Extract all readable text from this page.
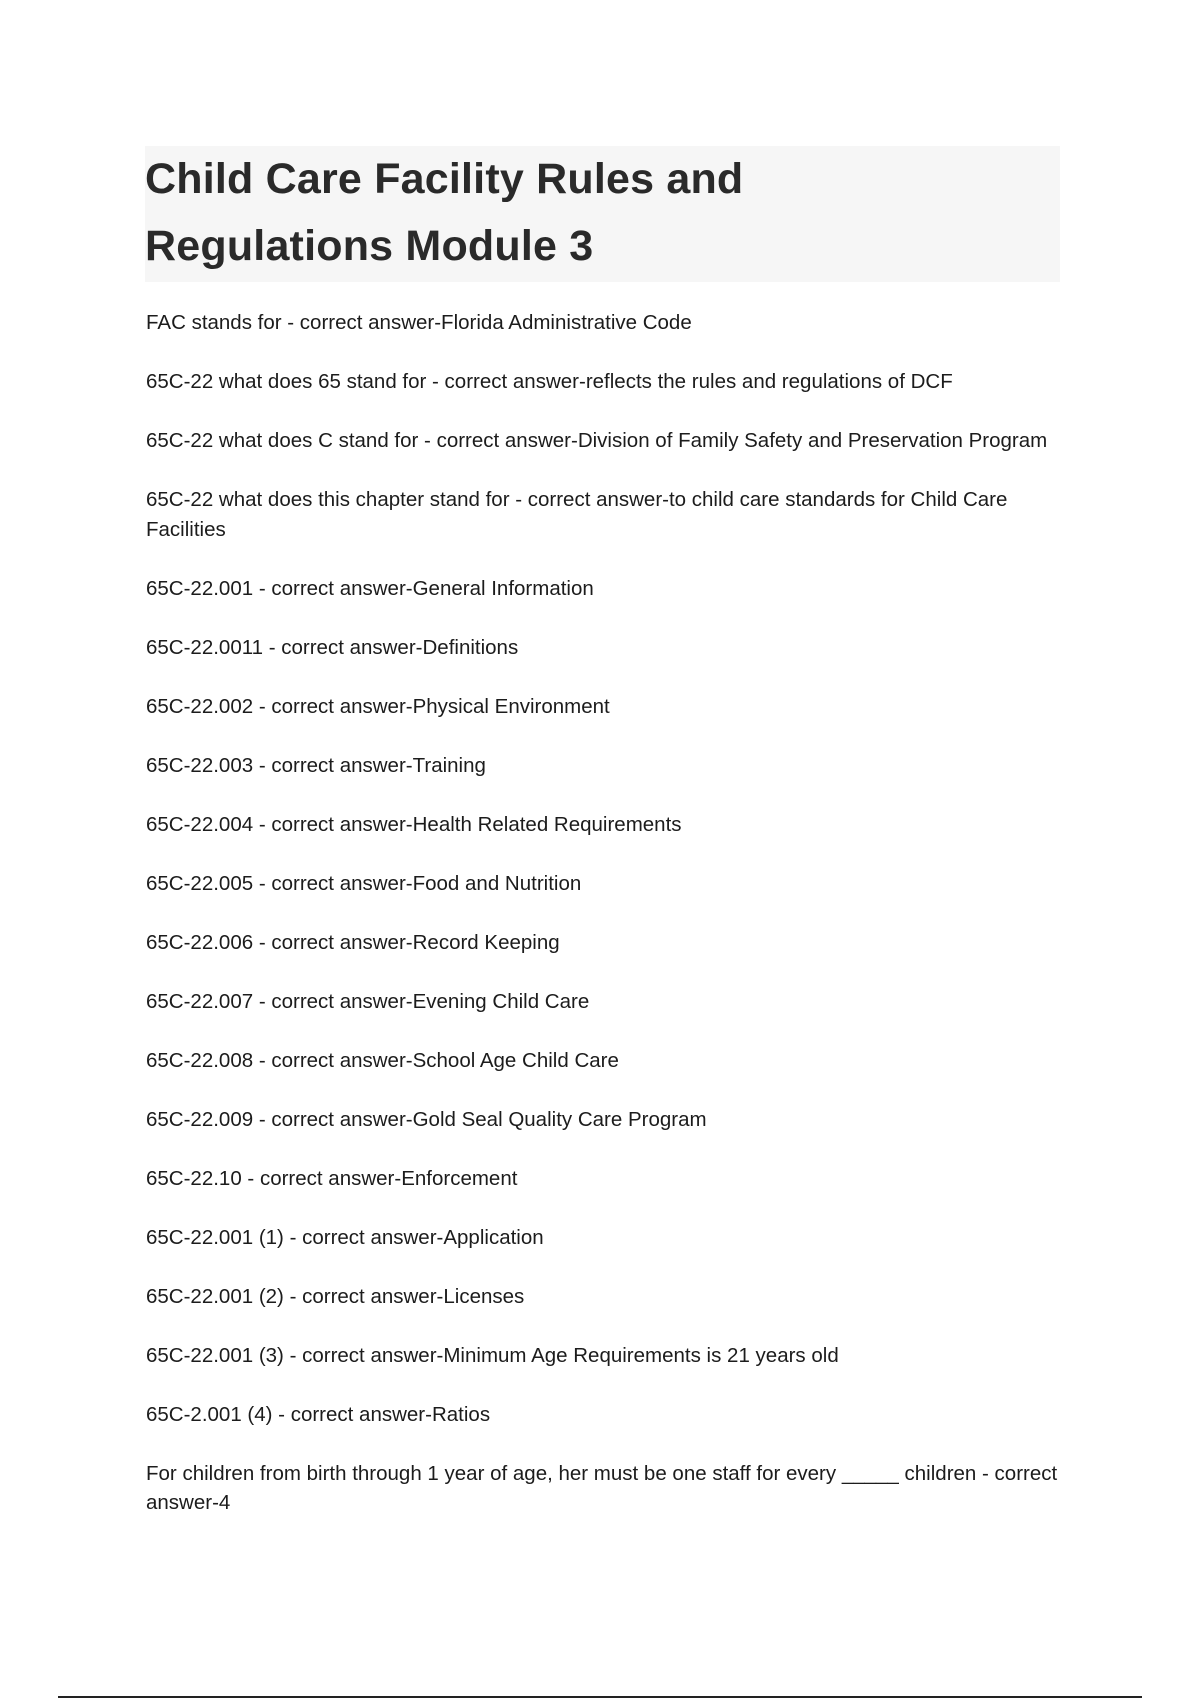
Child Care Facility Rules and
Regulations Module 3
FAC stands for - correct answer-Florida Administrative Code
65C-22 what does 65 stand for - correct answer-reflects the rules and regulations of DCF
65C-22 what does C stand for - correct answer-Division of Family Safety and Preservation Program
65C-22 what does this chapter stand for - correct answer-to child care standards for Child Care Facilities
65C-22.001 - correct answer-General Information
65C-22.0011 - correct answer-Definitions
65C-22.002 - correct answer-Physical Environment
65C-22.003 - correct answer-Training
65C-22.004 - correct answer-Health Related Requirements
65C-22.005 - correct answer-Food and Nutrition
65C-22.006 - correct answer-Record Keeping
65C-22.007 - correct answer-Evening Child Care
65C-22.008 - correct answer-School Age Child Care
65C-22.009 - correct answer-Gold Seal Quality Care Program
65C-22.10 - correct answer-Enforcement
65C-22.001 (1) - correct answer-Application
65C-22.001 (2) - correct answer-Licenses
65C-22.001 (3) - correct answer-Minimum Age Requirements is 21 years old
65C-2.001 (4) - correct answer-Ratios
For children from birth through 1 year of age, her must be one staff for every _____ children - correct answer-4
